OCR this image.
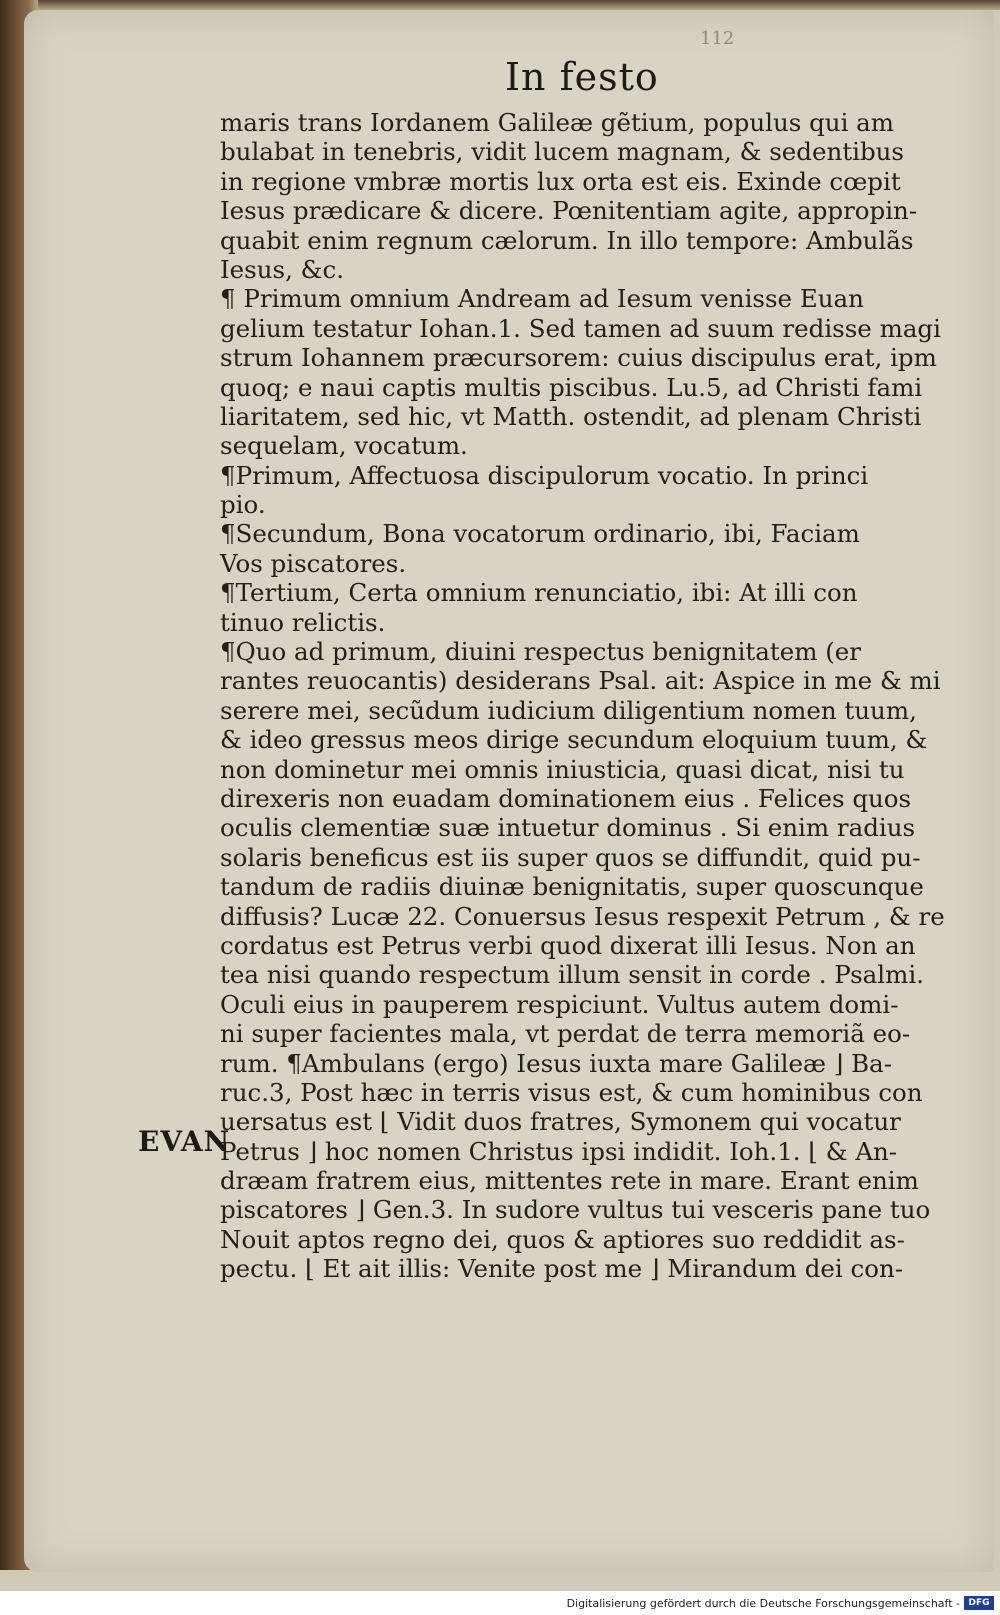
112
In festo
maris trans Iordanem Galileæ gẽtium, populus qui am
bulabat in tenebris, vidit lucem magnam, & sedentibus
in regione vmbræ mortis lux orta est eis. Exinde cœpit
Iesus prædicare & dicere. Pœnitentiam agite, appropin-
quabit enim regnum cælorum. In illo tempore: Ambulãs
Iesus, &c.
¶ Primum omnium Andream ad Iesum venisse Euan
gelium testatur Iohan.1. Sed tamen ad suum redisse magi
strum Iohannem præcursorem: cuius discipulus erat, ipm
quoq; e naui captis multis piscibus. Lu.5, ad Christi fami
liaritatem, sed hic, vt Matth. ostendit, ad plenam Christi
sequelam, vocatum.
¶Primum, Affectuosa discipulorum vocatio. In princi
pio.
¶Secundum, Bona vocatorum ordinario, ibi, Faciam
Vos piscatores.
¶Tertium, Certa omnium renunciatio, ibi: At illi con
tinuo relictis.
¶Quo ad primum, diuini respectus benignitatem (er
rantes reuocantis) desiderans Psal. ait: Aspice in me & mi
serere mei, secũdum iudicium diligentium nomen tuum,
& ideo gressus meos dirige secundum eloquium tuum, &
non dominetur mei omnis iniusticia, quasi dicat, nisi tu
direxeris non euadam dominationem eius . Felices quos
oculis clementiæ suæ intuetur dominus . Si enim radius
solaris beneficus est iis super quos se diffundit, quid pu-
tandum de radiis diuinæ benignitatis, super quoscunque
diffusis? Lucæ 22. Conuersus Iesus respexit Petrum , & re
cordatus est Petrus verbi quod dixerat illi Iesus. Non an
tea nisi quando respectum illum sensit in corde . Psalmi.
Oculi eius in pauperem respiciunt. Vultus autem domi-
ni super facientes mala, vt perdat de terra memoriã eo-
rum. ¶Ambulans (ergo) Iesus iuxta mare Galileæ ⌋ Ba-
ruc.3, Post hæc in terris visus est, & cum hominibus con
uersatus est ⌊ Vidit duos fratres, Symonem qui vocatur
Petrus ⌋ hoc nomen Christus ipsi indidit. Ioh.1. ⌊ & An-
dræam fratrem eius, mittentes rete in mare. Erant enim
piscatores ⌋ Gen.3. In sudore vultus tui vesceris pane tuo
Nouit aptos regno dei, quos & aptiores suo reddidit as-
pectu. ⌊ Et ait illis: Venite post me ⌋ Mirandum dei con-
EVAN
Digitalisierung gefördert durch die Deutsche Forschungsgemeinschaft - DFG
